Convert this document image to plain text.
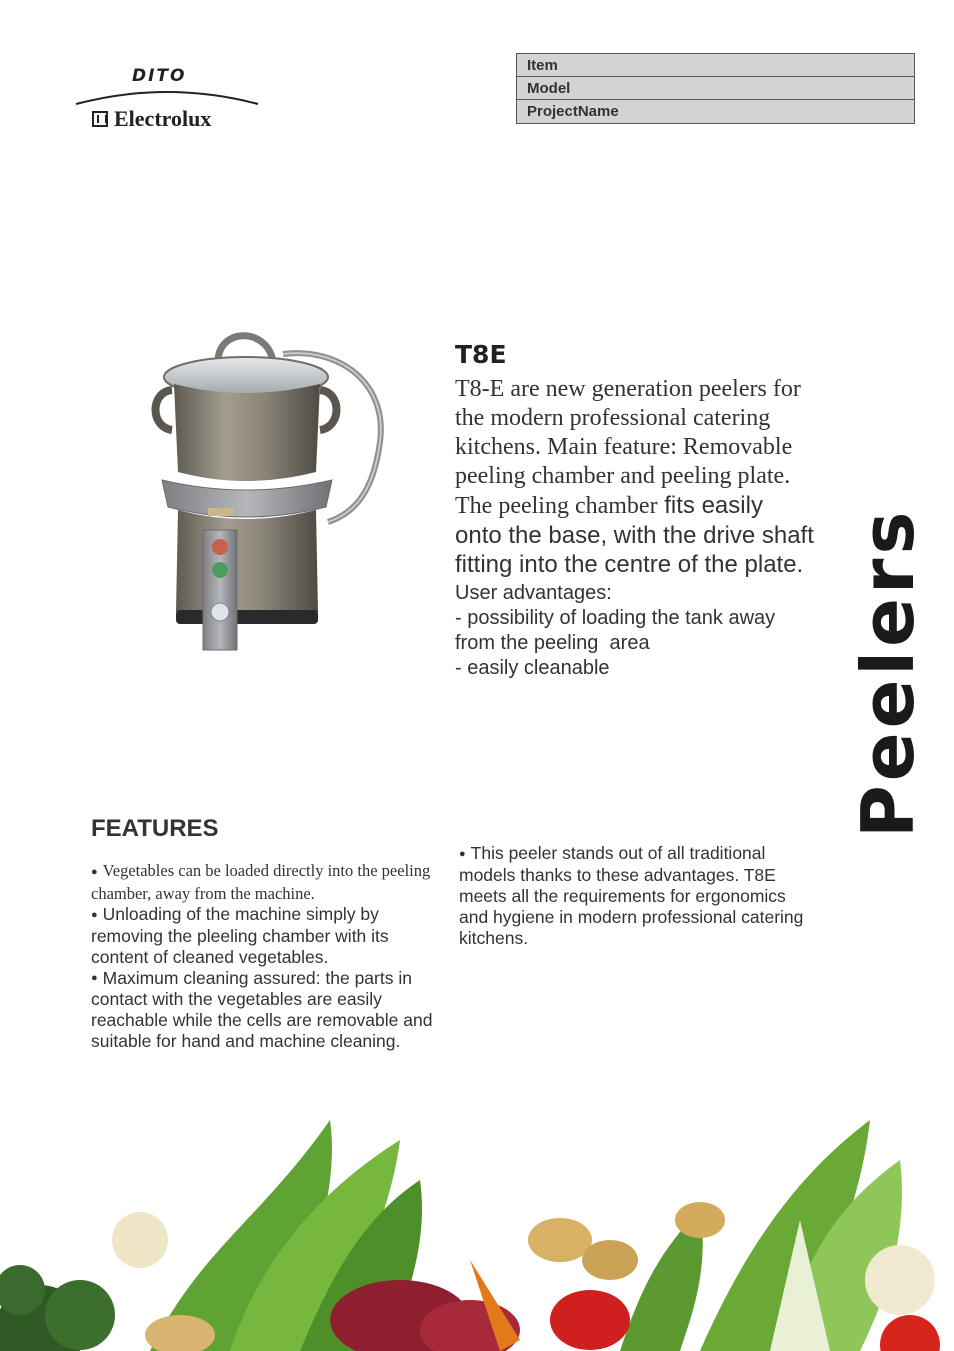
DITO
Electrolux
Item
Model
ProjectName
T8E
T8-E are new generation peelers for the modern professional catering kitchens. Main feature: Removable peeling chamber and peeling plate. The peeling chamber fits easily onto the base, with the drive shaft fitting into the centre of the plate.
User advantages:
- possibility of loading the tank away from the peeling  area
- easily cleanable	Peelers
FEATURES
● Vegetables can be loaded directly into the peeling chamber, away from the machine.
● Unloading of the machine simply by removing the pleeling chamber with its content of cleaned vegetables.
● Maximum cleaning assured: the parts in contact with the vegetables are easily reachable while the cells are removable and suitable for hand and machine cleaning.
● This peeler stands out of all traditional models thanks to these advantages. T8E meets all the requirements for ergonomics and hygiene in modern professional catering kitchens.
